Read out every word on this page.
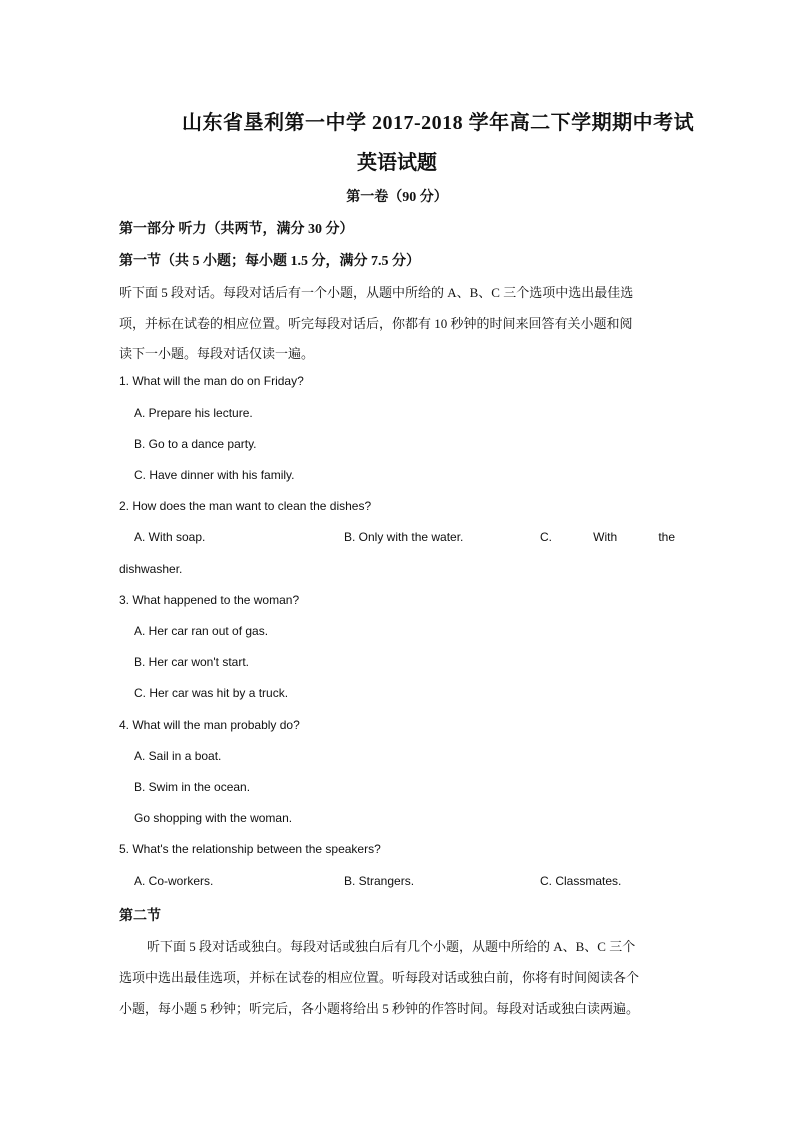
山东省垦利第一中学 2017-2018 学年高二下学期期中考试
英语试题
第一卷（90 分）
第一部分 听力（共两节，满分 30 分）
第一节（共 5 小题；每小题 1.5 分，满分 7.5 分）
听下面 5 段对话。每段对话后有一个小题，从题中所给的 A、B、C 三个选项中选出最佳选
项，并标在试卷的相应位置。听完每段对话后，你都有 10 秒钟的时间来回答有关小题和阅
读下一小题。每段对话仅读一遍。
1. What will the man do on Friday?
A. Prepare his lecture.
B. Go to a dance party.
C. Have dinner with his family.
2. How does the man want to clean the dishes?
A. With soap.	B. Only with the water.	C.	With	the
dishwasher.
3. What happened to the woman?
A. Her car ran out of gas.
B. Her car won't start.
C. Her car was hit by a truck.
4. What will the man probably do?
A. Sail in a boat.
B. Swim in the ocean.
Go shopping with the woman.
5. What's the relationship between the speakers?
A. Co-workers.	B. Strangers.	C. Classmates.
第二节
听下面 5 段对话或独白。每段对话或独白后有几个小题，从题中所给的 A、B、C 三个
选项中选出最佳选项，并标在试卷的相应位置。听每段对话或独白前，你将有时间阅读各个
小题，每小题 5 秒钟；听完后，各小题将给出 5 秒钟的作答时间。每段对话或独白读两遍。
